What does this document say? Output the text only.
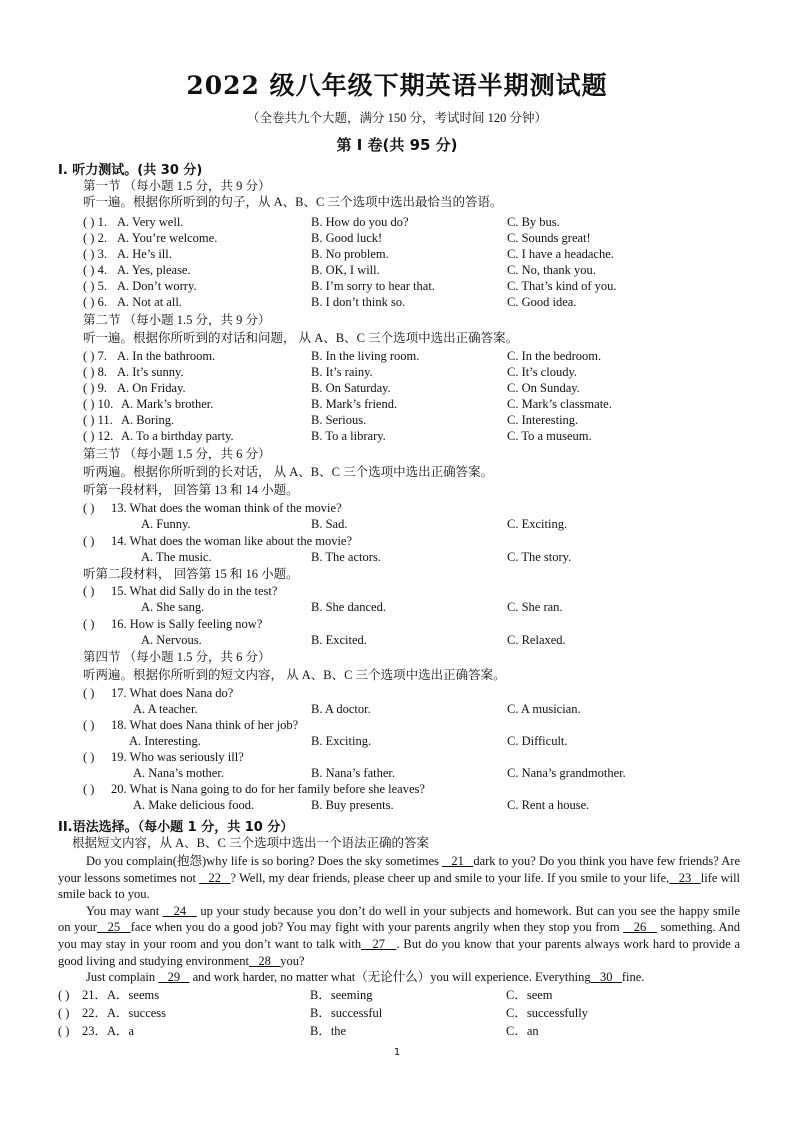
2022 级八年级下期英语半期测试题
（全卷共九个大题，满分 150 分，考试时间 120 分钟）
第 Ⅰ 卷(共 95 分)
I. 听力测试。(共 30 分)
第一节 （每小题 1.5 分，共 9 分）
听一遍。根据你所听到的句子，从 A、B、C 三个选项中选出最恰当的答语。
( ) 1. A. Very well.	B. How do you do?	C. By bus.
( ) 2. A. You’re welcome.	B. Good luck!	C. Sounds great!
( ) 3. A. He’s ill.	B. No problem.	C. I have a headache.
( ) 4. A. Yes, please.	B. OK, I will.	C. No, thank you.
( ) 5. A. Don’t worry.	B. I’m sorry to hear that.	C. That’s kind of you.
( ) 6. A. Not at all.	B. I don’t think so.	C. Good idea.
第二节 （每小题 1.5 分，共 9 分）
听一遍。根据你所听到的对话和问题， 从 A、B、C 三个选项中选出正确答案。
( ) 7. A. In the bathroom.	B. In the living room.	C. In the bedroom.
( ) 8. A. It’s sunny.	B. It’s rainy.	C. It’s cloudy.
( ) 9. A. On Friday.	B. On Saturday.	C. On Sunday.
( ) 10. A. Mark’s brother.	B. Mark’s friend.	C. Mark’s classmate.
( ) 11. A. Boring.	B. Serious.	C. Interesting.
( ) 12. A. To a birthday party.	B. To a library.	C. To a museum.
第三节 （每小题 1.5 分，共 6 分）
听两遍。根据你所听到的长对话， 从 A、B、C 三个选项中选出正确答案。
听第一段材料， 回答第 13 和 14 小题。
( ) 13. What does the woman think of the movie?
A. Funny.	B. Sad.	C. Exciting.
( ) 14. What does the woman like about the movie?
A. The music.	B. The actors.	C. The story.
听第二段材料， 回答第 15 和 16 小题。
( ) 15. What did Sally do in the test?
A. She sang.	B. She danced.	C. She ran.
( ) 16. How is Sally feeling now?
A. Nervous.	B. Excited.	C. Relaxed.
第四节 （每小题 1.5 分，共 6 分）
听两遍。根据你所听到的短文内容， 从 A、B、C 三个选项中选出正确答案。
( ) 17. What does Nana do?
A. A teacher.	B. A doctor.	C. A musician.
( ) 18. What does Nana think of her job?
A. Interesting.	B. Exciting.	C. Difficult.
( ) 19. Who was seriously ill?
A. Nana’s mother.	B. Nana’s father.	C. Nana’s grandmother.
( ) 20. What is Nana going to do for her family before she leaves?
A. Make delicious food.	B. Buy presents.	C. Rent a house.
II.语法选择。（每小题 1 分，共 10 分）
根据短文内容，从 A、B、C 三个选项中选出一个语法正确的答案

Do you complain(抱怨)why life is so boring? Does the sky sometimes    21   dark to you? Do you think you have few friends? Are your lessons sometimes not    22   ? Well, my dear friends, please cheer up and smile to your life. If you smile to your life,   23   life will smile back to you.

You may want    24    up your study because you don’t do well in your subjects and homework. But can you see the happy smile on your   25   face when you do a good job? You may fight with your parents angrily when they stop you from    26    something. And you may stay in your room and you don’t want to talk with   27   . But do you know that your parents always work hard to provide a good living and studying environment   28   you?

Just complain    29    and work harder, no matter what（无论什么）you will experience. Everything   30   fine.

( ) 21．A．seems	B．seeming	C．seem
( ) 22．A．success	B．successful	C．successfully
( ) 23．A．a	B．the	C．an
1
